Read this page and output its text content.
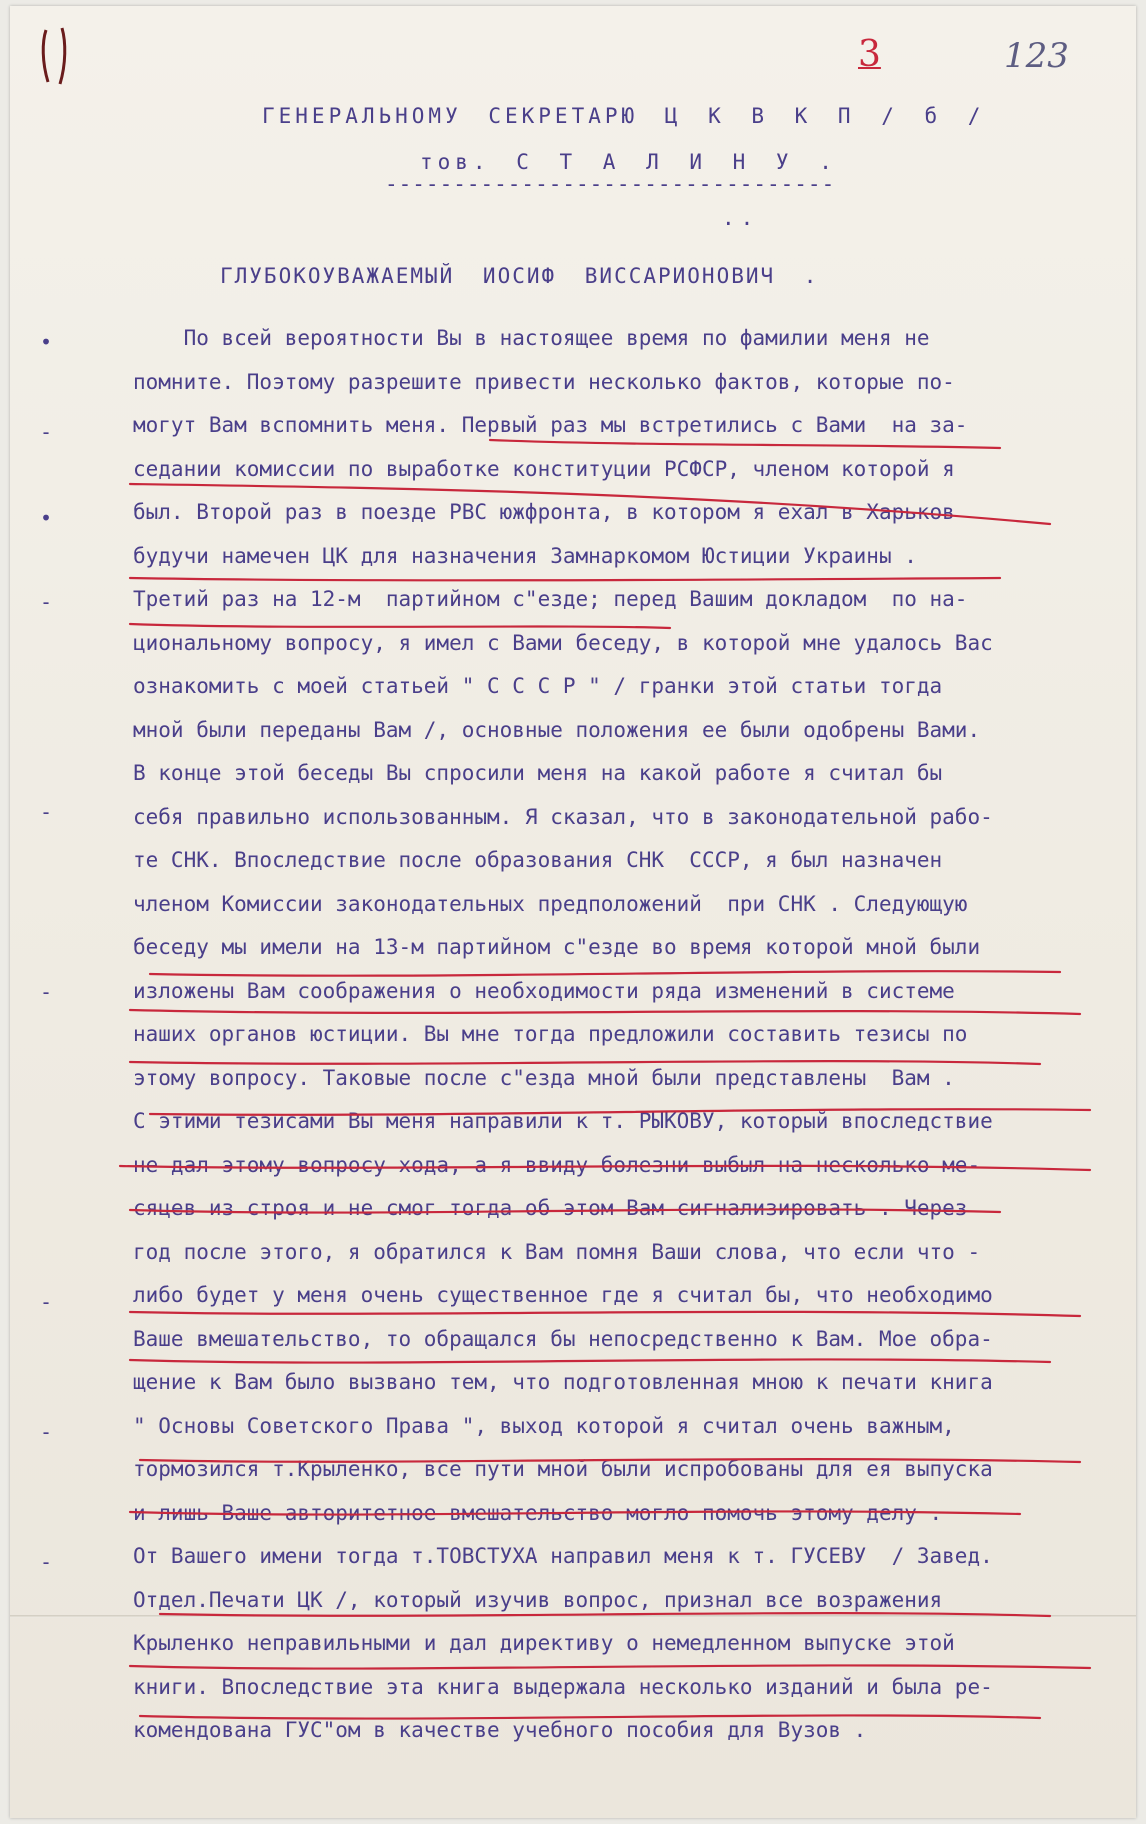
3	123
ГЕНЕРАЛЬНОМУ СЕКРЕТАРЮ Ц К В К П / б /
тов. С Т А Л И Н У .
---------------------------------
..
ГЛУБОКОУВАЖАЕМЫЙ ИОСИФ ВИССАРИОНОВИЧ .
По всей вероятности Вы в настоящее время по фамилии меня не
помните. Поэтому разрешите привести несколько фактов, которые по-
могут Вам вспомнить меня. Первый раз мы встретились с Вами  на за-
седании комиссии по выработке конституции РСФСР, членом которой я
был. Второй раз в поезде РВС южфронта, в котором я ехал в Харьков
будучи намечен ЦК для назначения Замнаркомом Юстиции Украины .
Третий раз на 12-м  партийном с"езде; перед Вашим докладом  по на-
циональному вопросу, я имел с Вами беседу, в которой мне удалось Вас
ознакомить с моей статьей " С С С Р " / гранки этой статьи тогда
мной были переданы Вам /, основные положения ее были одобрены Вами.
В конце этой беседы Вы спросили меня на какой работе я считал бы
себя правильно использованным. Я сказал, что в законодательной рабо-
те СНК. Впоследствие после образования СНК  СССР, я был назначен
членом Комиссии законодательных предположений  при СНК . Следующую
беседу мы имели на 13-м партийном с"езде во время которой мной были
изложены Вам соображения о необходимости ряда изменений в системе
наших органов юстиции. Вы мне тогда предложили составить тезисы по
этому вопросу. Таковые после с"езда мной были представлены  Вам .
С этими тезисами Вы меня направили к т. РЫКОВУ, который впоследствие
не дал этому вопросу хода, а я ввиду болезни выбыл на несколько ме-
сяцев из строя и не смог тогда об этом Вам сигнализировать . Через
год после этого, я обратился к Вам помня Ваши слова, что если что -
либо будет у меня очень существенное где я считал бы, что необходимо
Ваше вмешательство, то обращался бы непосредственно к Вам. Мое обра-
щение к Вам было вызвано тем, что подготовленная мною к печати книга
" Основы Советского Права ", выход которой я считал очень важным,
тормозился т.Крыленко, все пути мной были испробованы для ея выпуска
и лишь Ваше авторитетное вмешательство могло помочь этому делу .
От Вашего имени тогда т.ТОВСТУХА направил меня к т. ГУСЕВУ  / Завед.
Отдел.Печати ЦК /, который изучив вопрос, признал все возражения
Крыленко неправильными и дал директиву о немедленном выпуске этой
книги. Впоследствие эта книга выдержала несколько изданий и была ре-
комендована ГУС"ом в качестве учебного пособия для Вузов .
•
-
•
-
-
-
-
-
-
